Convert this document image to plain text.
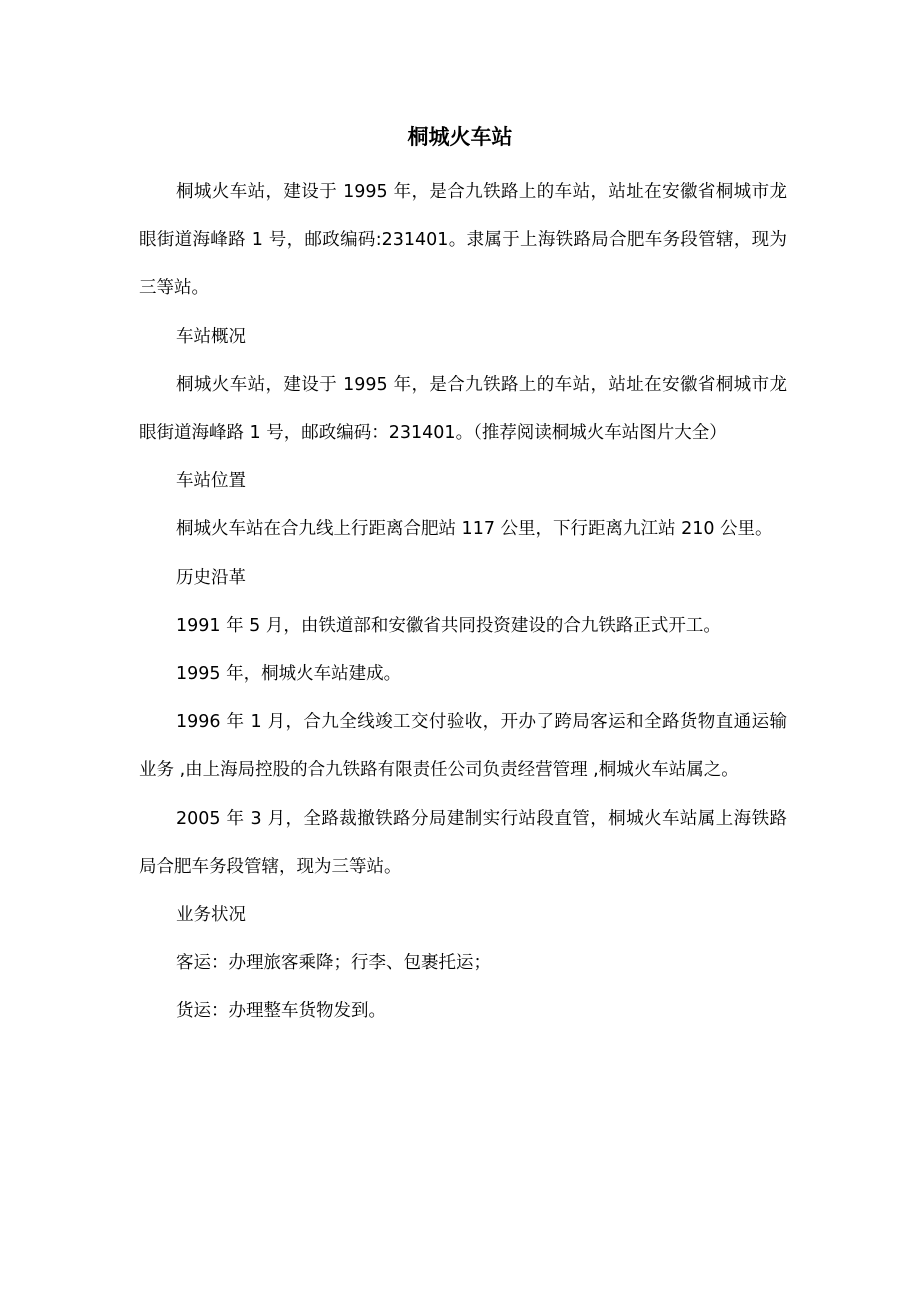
桐城火车站

桐城火车站，建设于 1995 年，是合九铁路上的车站，站址在安徽省桐城市龙眼街道海峰路 1 号，邮政编码:231401。隶属于上海铁路局合肥车务段管辖，现为三等站。

车站概况

桐城火车站，建设于 1995 年，是合九铁路上的车站，站址在安徽省桐城市龙眼街道海峰路 1 号，邮政编码：231401。（推荐阅读桐城火车站图片大全）

车站位置

桐城火车站在合九线上行距离合肥站 117 公里，下行距离九江站 210 公里。

历史沿革

1991 年 5 月，由铁道部和安徽省共同投资建设的合九铁路正式开工。

1995 年，桐城火车站建成。

1996 年 1 月，合九全线竣工交付验收，开办了跨局客运和全路货物直通运输业务 ,由上海局控股的合九铁路有限责任公司负责经营管理 ,桐城火车站属之。

2005 年 3 月，全路裁撤铁路分局建制实行站段直管，桐城火车站属上海铁路局合肥车务段管辖，现为三等站。

业务状况

客运：办理旅客乘降；行李、包裹托运；

货运：办理整车货物发到。
